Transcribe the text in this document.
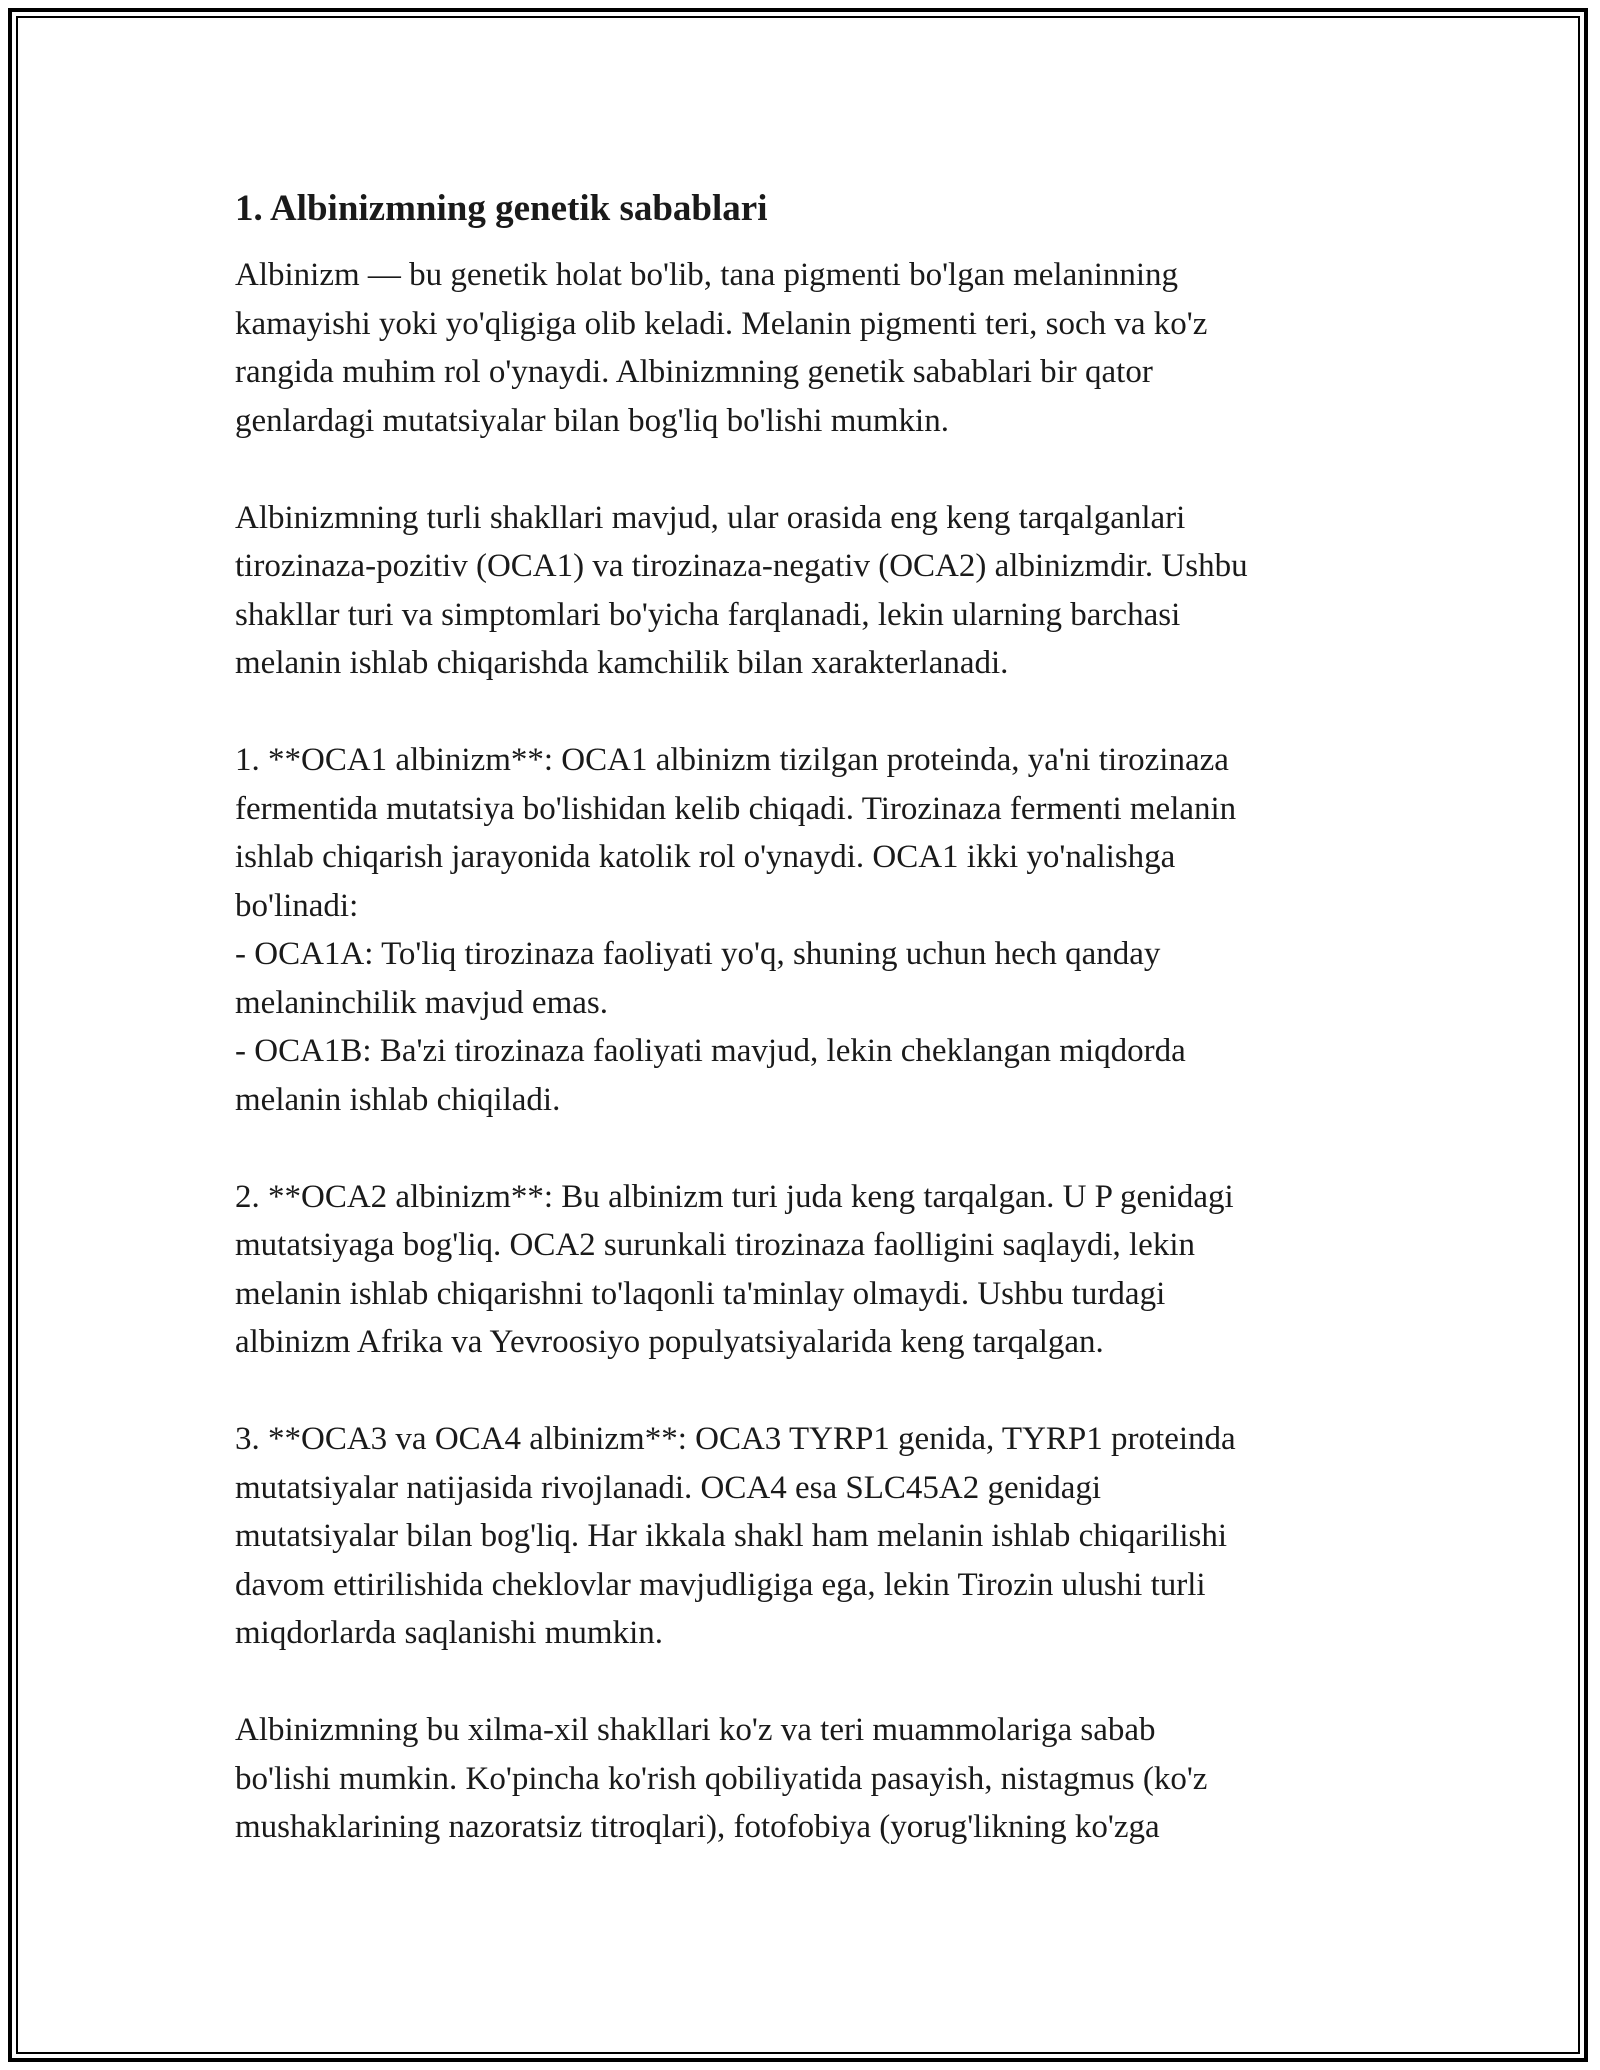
1. Albinizmning genetik sabablari

Albinizm — bu genetik holat bo'lib, tana pigmenti bo'lgan melaninning
kamayishi yoki yo'qligiga olib keladi. Melanin pigmenti teri, soch va ko'z
rangida muhim rol o'ynaydi. Albinizmning genetik sabablari bir qator
genlardagi mutatsiyalar bilan bog'liq bo'lishi mumkin.

Albinizmning turli shakllari mavjud, ular orasida eng keng tarqalganlari
tirozinaza-pozitiv (OCA1) va tirozinaza-negativ (OCA2) albinizmdir. Ushbu
shakllar turi va simptomlari bo'yicha farqlanadi, lekin ularning barchasi
melanin ishlab chiqarishda kamchilik bilan xarakterlanadi.

1. **OCA1 albinizm**: OCA1 albinizm tizilgan proteinda, ya'ni tirozinaza
fermentida mutatsiya bo'lishidan kelib chiqadi. Tirozinaza fermenti melanin
ishlab chiqarish jarayonida katolik rol o'ynaydi. OCA1 ikki yo'nalishga
bo'linadi:
- OCA1A: To'liq tirozinaza faoliyati yo'q, shuning uchun hech qanday
melaninchilik mavjud emas.
- OCA1B: Ba'zi tirozinaza faoliyati mavjud, lekin cheklangan miqdorda
melanin ishlab chiqiladi.

2. **OCA2 albinizm**: Bu albinizm turi juda keng tarqalgan. U P genidagi
mutatsiyaga bog'liq. OCA2 surunkali tirozinaza faolligini saqlaydi, lekin
melanin ishlab chiqarishni to'laqonli ta'minlay olmaydi. Ushbu turdagi
albinizm Afrika va Yevroosiyo populyatsiyalarida keng tarqalgan.

3. **OCA3 va OCA4 albinizm**: OCA3 TYRP1 genida, TYRP1 proteinda
mutatsiyalar natijasida rivojlanadi. OCA4 esa SLC45A2 genidagi
mutatsiyalar bilan bog'liq. Har ikkala shakl ham melanin ishlab chiqarilishi
davom ettirilishida cheklovlar mavjudligiga ega, lekin Tirozin ulushi turli
miqdorlarda saqlanishi mumkin.

Albinizmning bu xilma-xil shakllari ko'z va teri muammolariga sabab
bo'lishi mumkin. Ko'pincha ko'rish qobiliyatida pasayish, nistagmus (ko'z
mushaklarining nazoratsiz titroqlari), fotofobiya (yorug'likning ko'zga
